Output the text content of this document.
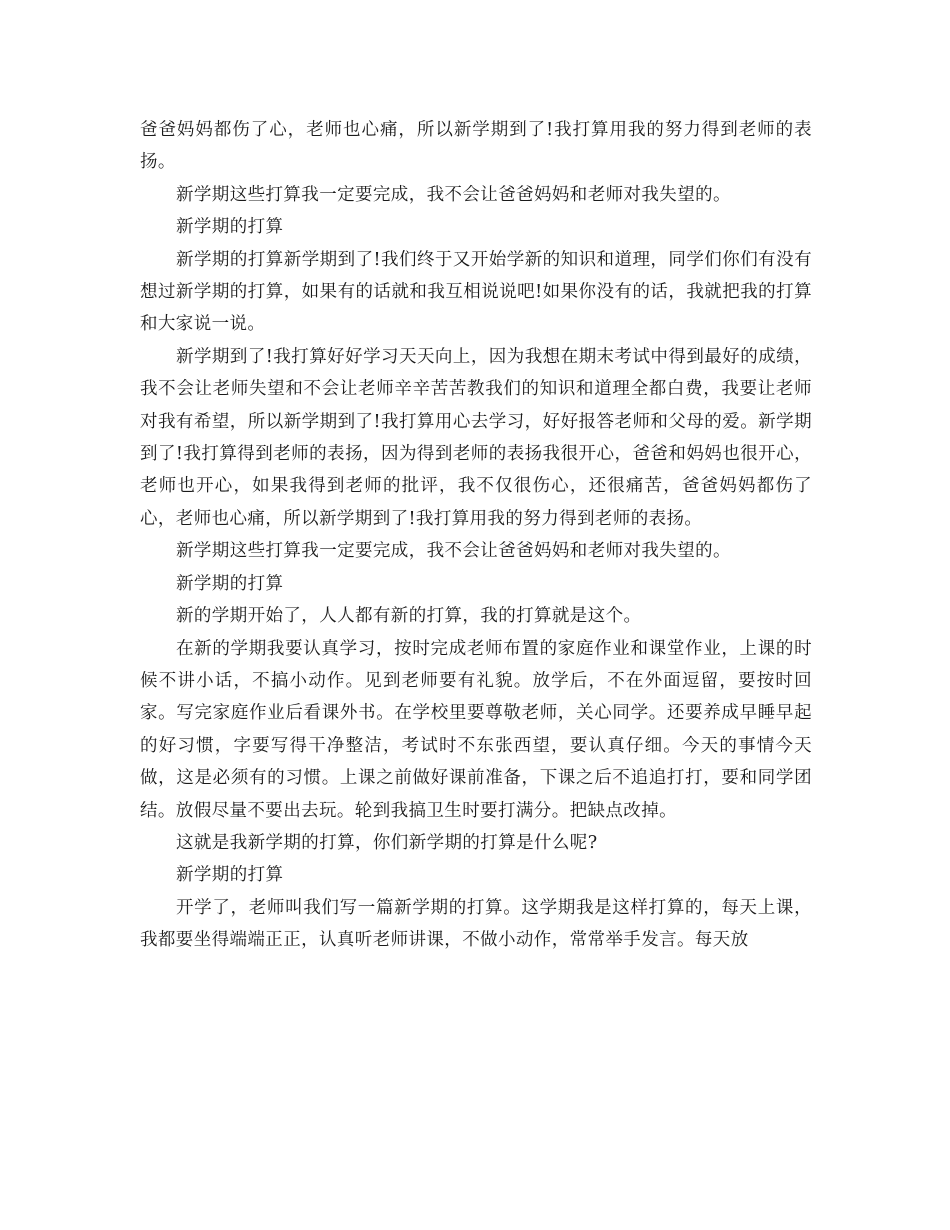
爸爸妈妈都伤了心，老师也心痛，所以新学期到了!我打算用我的努力得到老师的表扬。

新学期这些打算我一定要完成，我不会让爸爸妈妈和老师对我失望的。

新学期的打算

新学期的打算新学期到了!我们终于又开始学新的知识和道理，同学们你们有没有想过新学期的打算，如果有的话就和我互相说说吧!如果你没有的话，我就把我的打算和大家说一说。

新学期到了!我打算好好学习天天向上，因为我想在期末考试中得到最好的成绩，我不会让老师失望和不会让老师辛辛苦苦教我们的知识和道理全都白费，我要让老师对我有希望，所以新学期到了!我打算用心去学习，好好报答老师和父母的爱。新学期到了!我打算得到老师的表扬，因为得到老师的表扬我很开心，爸爸和妈妈也很开心，老师也开心，如果我得到老师的批评，我不仅很伤心，还很痛苦，爸爸妈妈都伤了心，老师也心痛，所以新学期到了!我打算用我的努力得到老师的表扬。

新学期这些打算我一定要完成，我不会让爸爸妈妈和老师对我失望的。

新学期的打算

新的学期开始了，人人都有新的打算，我的打算就是这个。

在新的学期我要认真学习，按时完成老师布置的家庭作业和课堂作业，上课的时候不讲小话，不搞小动作。见到老师要有礼貌。放学后，不在外面逗留，要按时回家。写完家庭作业后看课外书。在学校里要尊敬老师，关心同学。还要养成早睡早起的好习惯，字要写得干净整洁，考试时不东张西望，要认真仔细。今天的事情今天做，这是必须有的习惯。上课之前做好课前准备，下课之后不追追打打，要和同学团结。放假尽量不要出去玩。轮到我搞卫生时要打满分。把缺点改掉。

这就是我新学期的打算，你们新学期的打算是什么呢?

新学期的打算

开学了，老师叫我们写一篇新学期的打算。这学期我是这样打算的，每天上课，我都要坐得端端正正，认真听老师讲课，不做小动作，常常举手发言。每天放
